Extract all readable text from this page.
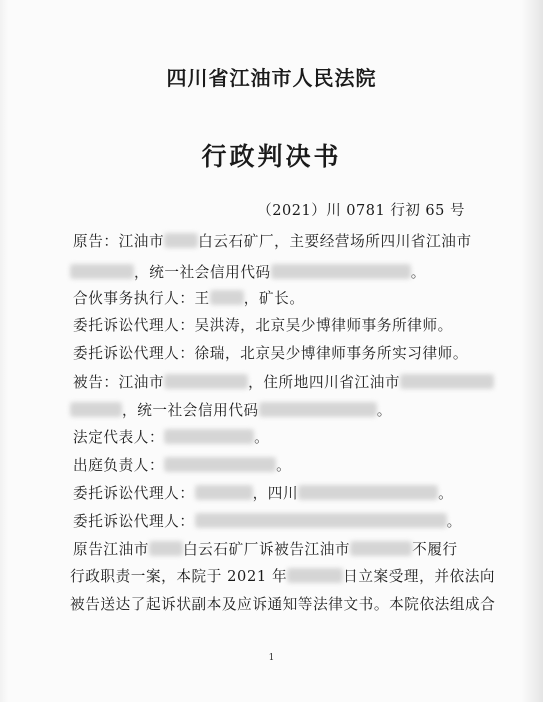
四川省江油市人民法院
行政判决书
（2021）川 0781 行初 65 号
原告：江油市 白云石矿厂，主要经营场所四川省江油市
，统一社会信用代码	。
合伙事务执行人：王 ，矿长。
委托诉讼代理人：吴洪涛，北京吴少博律师事务所律师。
委托诉讼代理人：徐瑞，北京吴少博律师事务所实习律师。
被告：江油市	，住所地四川省江油市
，统一社会信用代码	。
法定代表人：	。
出庭负责人：	。
委托诉讼代理人：	，四川	。
委托诉讼代理人：	。
原告江油市 白云石矿厂诉被告江油市	不履行
行政职责一案，本院于 2021 年	日立案受理，并依法向
被告送达了起诉状副本及应诉通知等法律文书。本院依法组成合
1
